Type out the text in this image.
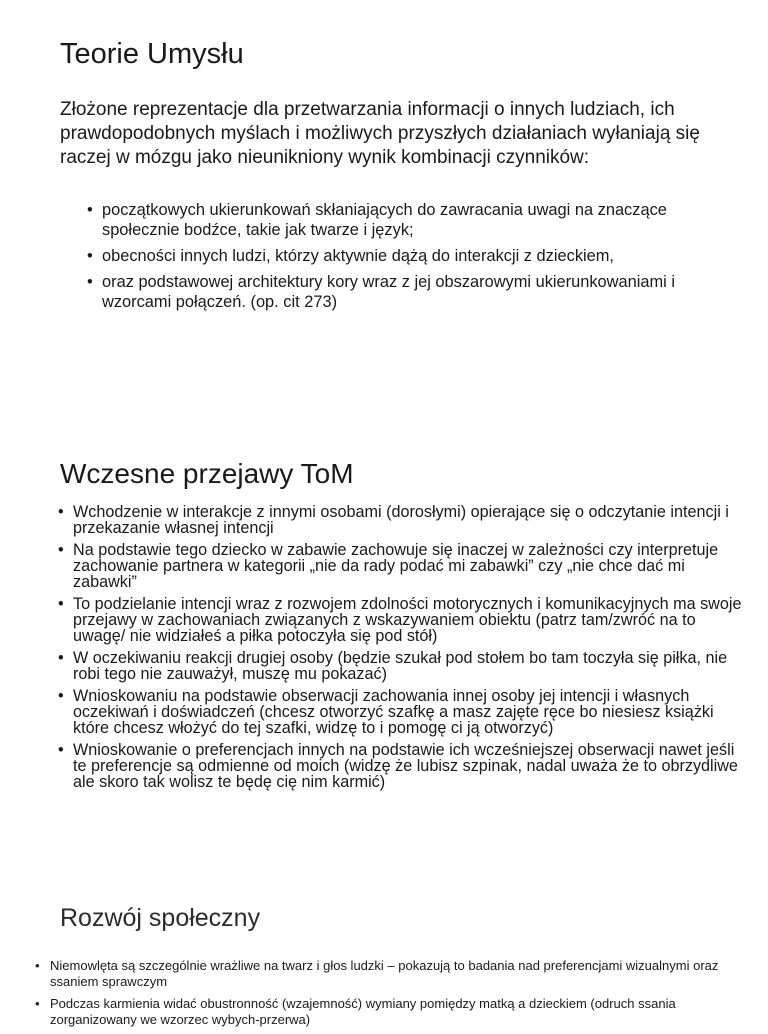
Teorie Umysłu

Złożone reprezentacje dla przetwarzania informacji o innych ludziach, ich prawdopodobnych myślach i możliwych przyszłych działaniach wyłaniają się raczej w mózgu jako nieunikniony wynik kombinacji czynników:

• początkowych ukierunkowań skłaniających do zawracania uwagi na znaczące społecznie bodźce, takie jak twarze i język;
• obecności innych ludzi, którzy aktywnie dążą do interakcji z dzieckiem,
• oraz podstawowej architektury kory wraz z jej obszarowymi ukierunkowaniami i wzorcami połączeń. (op. cit 273)
Wczesne przejawy ToM
• Wchodzenie w interakcje z innymi osobami (dorosłymi) opierające się o odczytanie intencji i przekazanie własnej intencji
• Na podstawie tego dziecko w zabawie zachowuje się inaczej w zależności czy interpretuje zachowanie partnera w kategorii „nie da rady podać mi zabawki” czy „nie chce dać mi zabawki”
• To podzielanie intencji wraz z rozwojem zdolności motorycznych i komunikacyjnych ma swoje przejawy w zachowaniach związanych z wskazywaniem obiektu (patrz tam/zwróć na to uwagę/ nie widziałeś a piłka potoczyła się pod stół)
• W oczekiwaniu reakcji drugiej osoby (będzie szukał pod stołem bo tam toczyła się piłka, nie robi tego nie zauważył, muszę mu pokazać)
• Wnioskowaniu na podstawie obserwacji zachowania innej osoby jej intencji i własnych oczekiwań i doświadczeń (chcesz otworzyć szafkę a masz zajęte ręce bo niesiesz książki które chcesz włożyć do tej szafki, widzę to i pomogę ci ją otworzyć)
• Wnioskowanie o preferencjach innych na podstawie ich wcześniejszej obserwacji nawet jeśli te preferencje są odmienne od moich (widzę że lubisz szpinak, nadal uważa że to obrzydliwe ale skoro tak wolisz te będę cię nim karmić)
Rozwój społeczny
• Niemowlęta są szczególnie wrażliwe na twarz i głos ludzki – pokazują to badania nad preferencjami wizualnymi oraz ssaniem sprawczym
• Podczas karmienia widać obustronność (wzajemność) wymiany pomiędzy matką a dzieckiem (odruch ssania zorganizowany we wzorzec wybych-przerwa)
